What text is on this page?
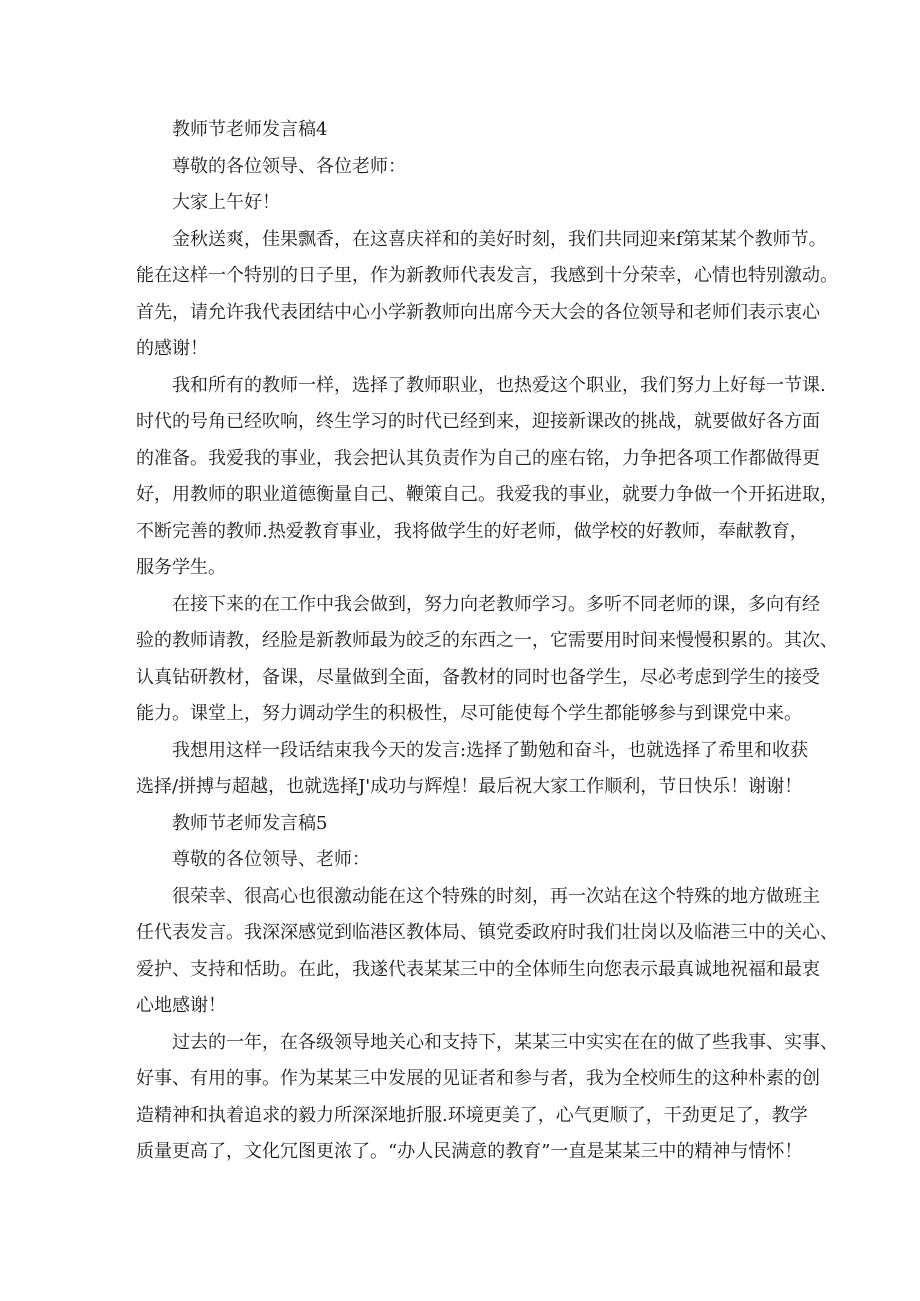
教师节老师发言稿4

尊敬的各位领导、各位老师：

大家上午好！

金秋送爽，佳果飘香，在这喜庆祥和的美好时刻，我们共同迎来f第某某个教师节。

能在这样一个特别的日子里，作为新教师代表发言，我感到十分荣幸，心情也特别激动。

首先，请允许我代表团结中心小学新教师向出席今天大会的各位领导和老师们表示衷心

的感谢！

我和所有的教师一样，选择了教师职业，也热爱这个职业，我们努力上好每一节课.

时代的号角已经吹响，终生学习的时代已经到来，迎接新课改的挑战，就要做好各方面

的准备。我爱我的事业，我会把认其负责作为自己的座右铭，力争把各项工作都做得更

好，用教师的职业道德衡量自己、鞭策自己。我爱我的事业，就要力争做一个开拓进取，

不断完善的教师.热爱教育事业，我将做学生的好老师，做学校的好教师，奉献教育，

服务学生。

在接下来的在工作中我会做到，努力向老教师学习。多听不同老师的课，多向有经

验的教师请教，经脸是新教师最为皎乏的东西之一，它需要用时间来慢慢积累的。其次、

认真钻研教材，备课，尽量做到全面，备教材的同时也备学生，尽必考虑到学生的接受

能力。课堂上，努力调动学生的积极性，尽可能使每个学生都能够参与到课党中来。

我想用这样一段话结束我今天的发言:选择了勤勉和奋斗，也就选择了希里和收获

选择/拼搏与超越，也就选择J'成功与辉煌！最后祝大家工作顺利，节日快乐！谢谢！

教师节老师发言稿5

尊敬的各位领导、老师：

很荣幸、很高心也很激动能在这个特殊的时刻，再一次站在这个特殊的地方做班主

任代表发言。我深深感觉到临港区教体局、镇党委政府时我们壮岗以及临港三中的关心、

爱护、支持和恬助。在此，我遂代表某某三中的全体师生向您表示最真诚地祝福和最衷

心地感谢！

过去的一年，在各级领导地关心和支持下，某某三中实实在在的做了些我事、实事、

好事、有用的事。作为某某三中发展的见证者和参与者，我为全校师生的这种朴素的创

造精神和执着追求的毅力所深深地折服.环境更美了，心气更顺了，干劲更足了，教学

质量更高了，文化冗图更浓了。“办人民满意的教育”一直是某某三中的精神与情怀！
